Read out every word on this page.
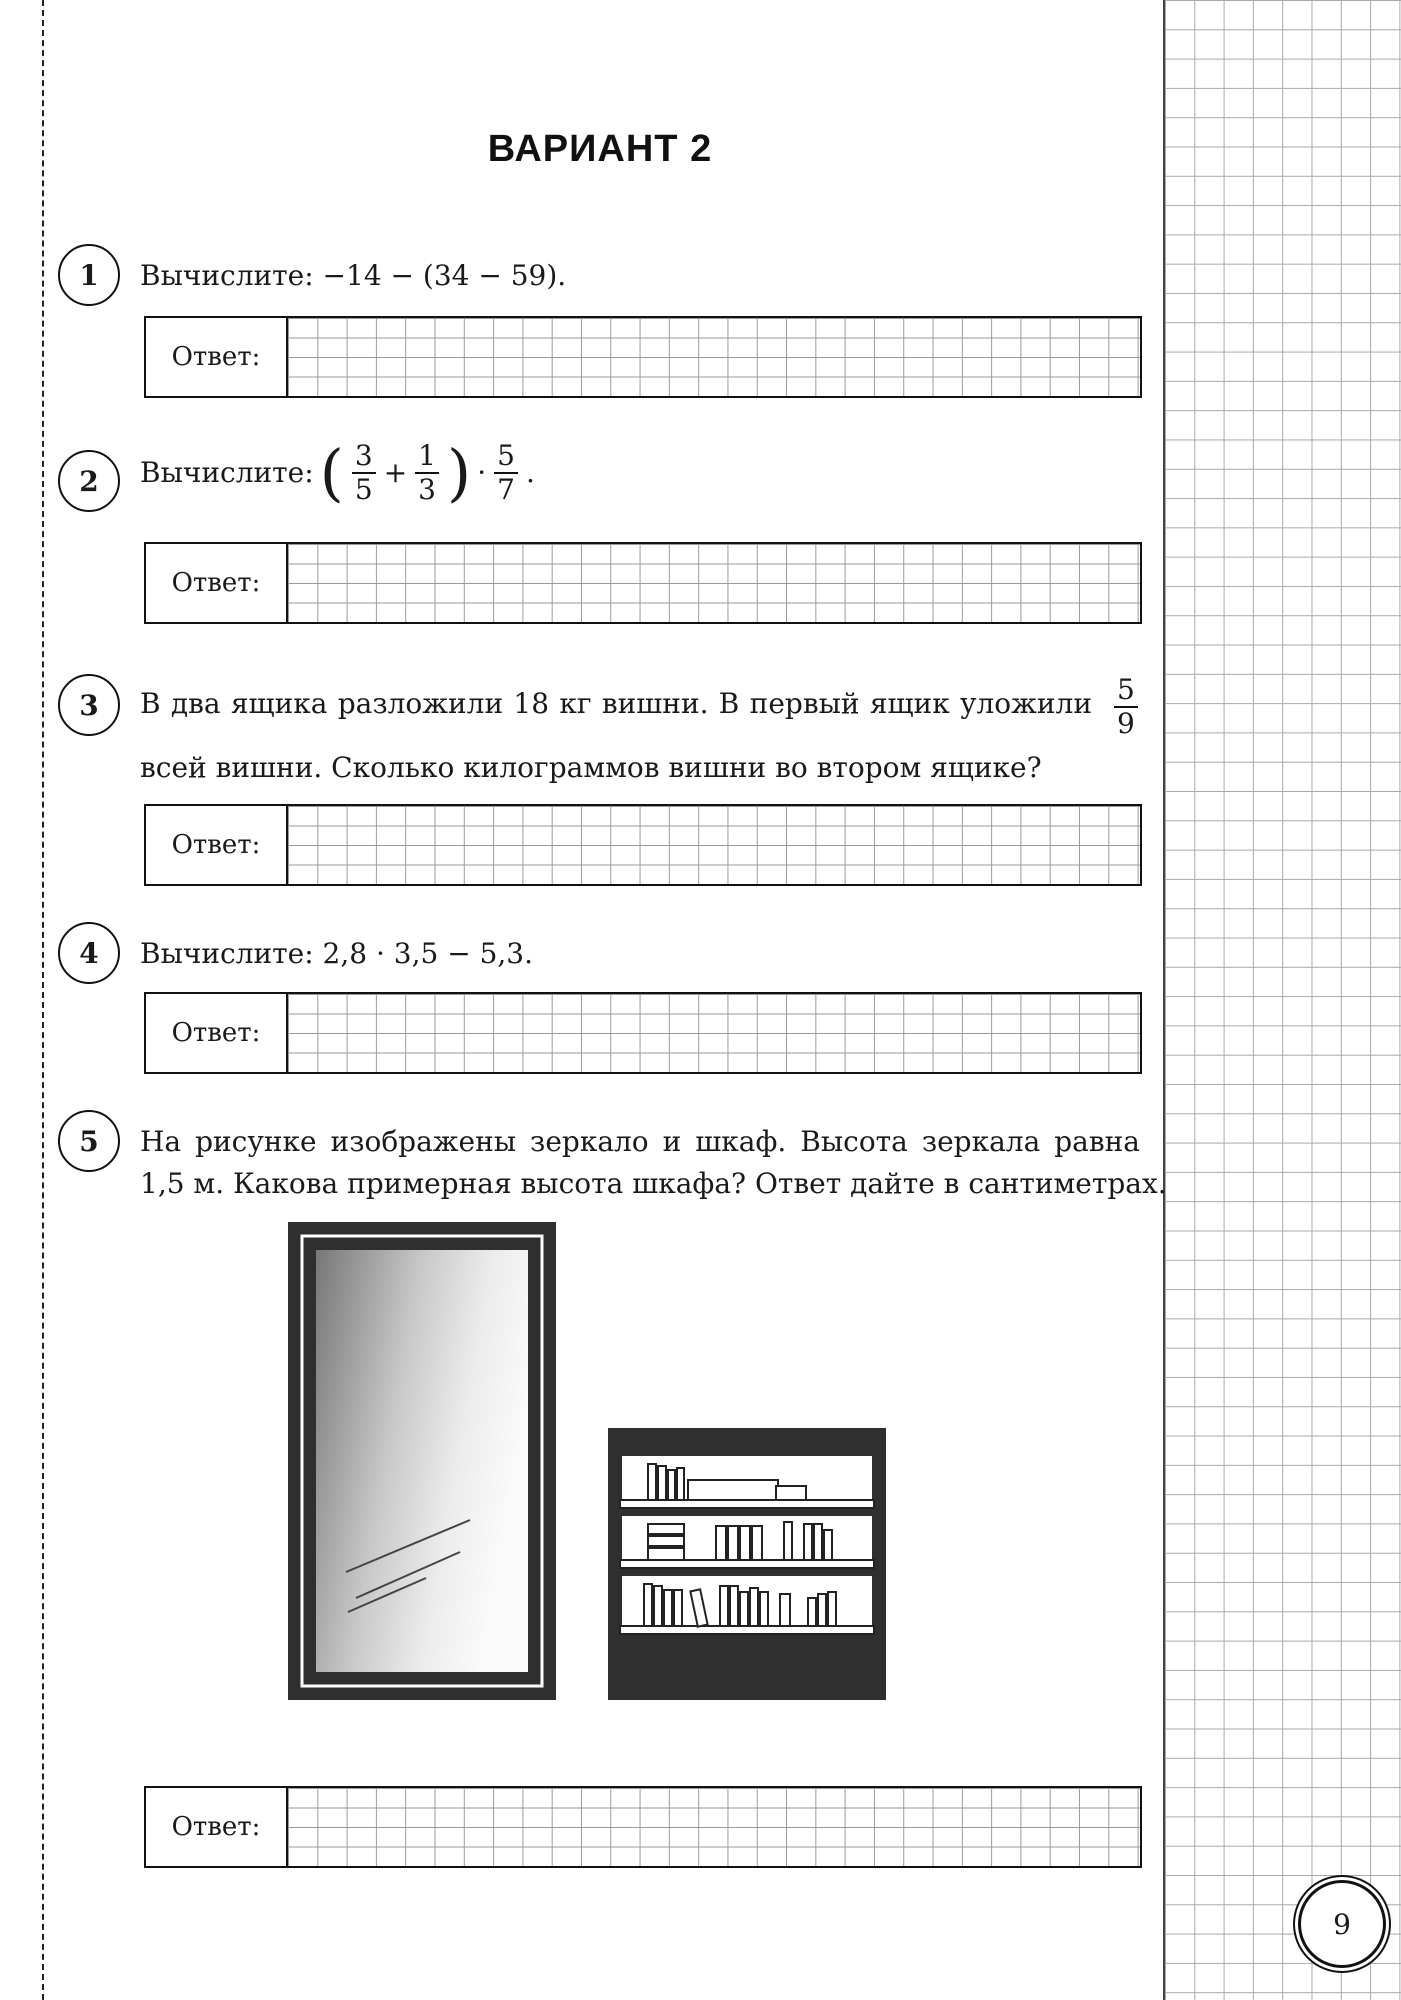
ВАРИАНТ 2
1	Вычислите: −14 − (34 − 59).
Ответ:
2	Вычислите: ( $\frac{3}{5} + \frac{1}{3}$ ) · $\frac{5}{7}$ .
Ответ:
3	В два ящика разложили 18 кг вишни. В первый ящик уложили $\frac{5}{9}$
всей вишни. Сколько килограммов вишни во втором ящике?
Ответ:
4	Вычислите: 2,8 · 3,5 − 5,3.
Ответ:
5	На рисунке изображены зеркало и шкаф. Высота зеркала равна
1,5 м. Какова примерная высота шкафа? Ответ дайте в сантиметрах.
Ответ:
9
